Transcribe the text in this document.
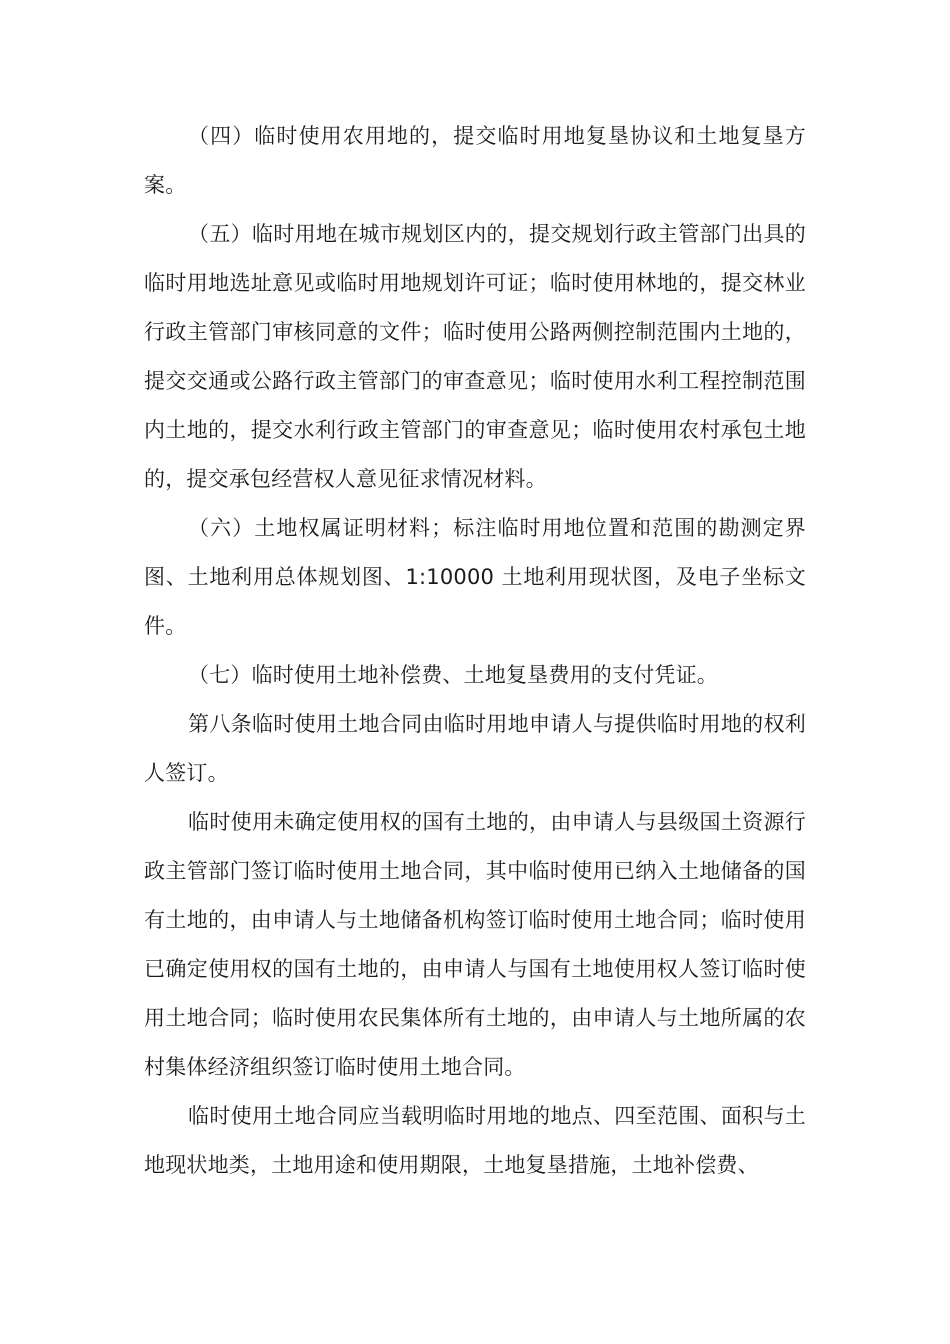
（四）临时使用农用地的，提交临时用地复垦协议和土地复垦方案。

（五）临时用地在城市规划区内的，提交规划行政主管部门出具的临时用地选址意见或临时用地规划许可证；临时使用林地的，提交林业行政主管部门审核同意的文件；临时使用公路两侧控制范围内土地的，提交交通或公路行政主管部门的审查意见；临时使用水利工程控制范围内土地的，提交水利行政主管部门的审查意见；临时使用农村承包土地的，提交承包经营权人意见征求情况材料。

（六）土地权属证明材料；标注临时用地位置和范围的勘测定界图、土地利用总体规划图、1:10000 土地利用现状图，及电子坐标文件。

（七）临时使用土地补偿费、土地复垦费用的支付凭证。

第八条临时使用土地合同由临时用地申请人与提供临时用地的权利人签订。

临时使用未确定使用权的国有土地的，由申请人与县级国土资源行政主管部门签订临时使用土地合同，其中临时使用已纳入土地储备的国有土地的，由申请人与土地储备机构签订临时使用土地合同；临时使用已确定使用权的国有土地的，由申请人与国有土地使用权人签订临时使用土地合同；临时使用农民集体所有土地的，由申请人与土地所属的农村集体经济组织签订临时使用土地合同。

临时使用土地合同应当载明临时用地的地点、四至范围、面积与土地现状地类，土地用途和使用期限，土地复垦措施，土地补偿费、
